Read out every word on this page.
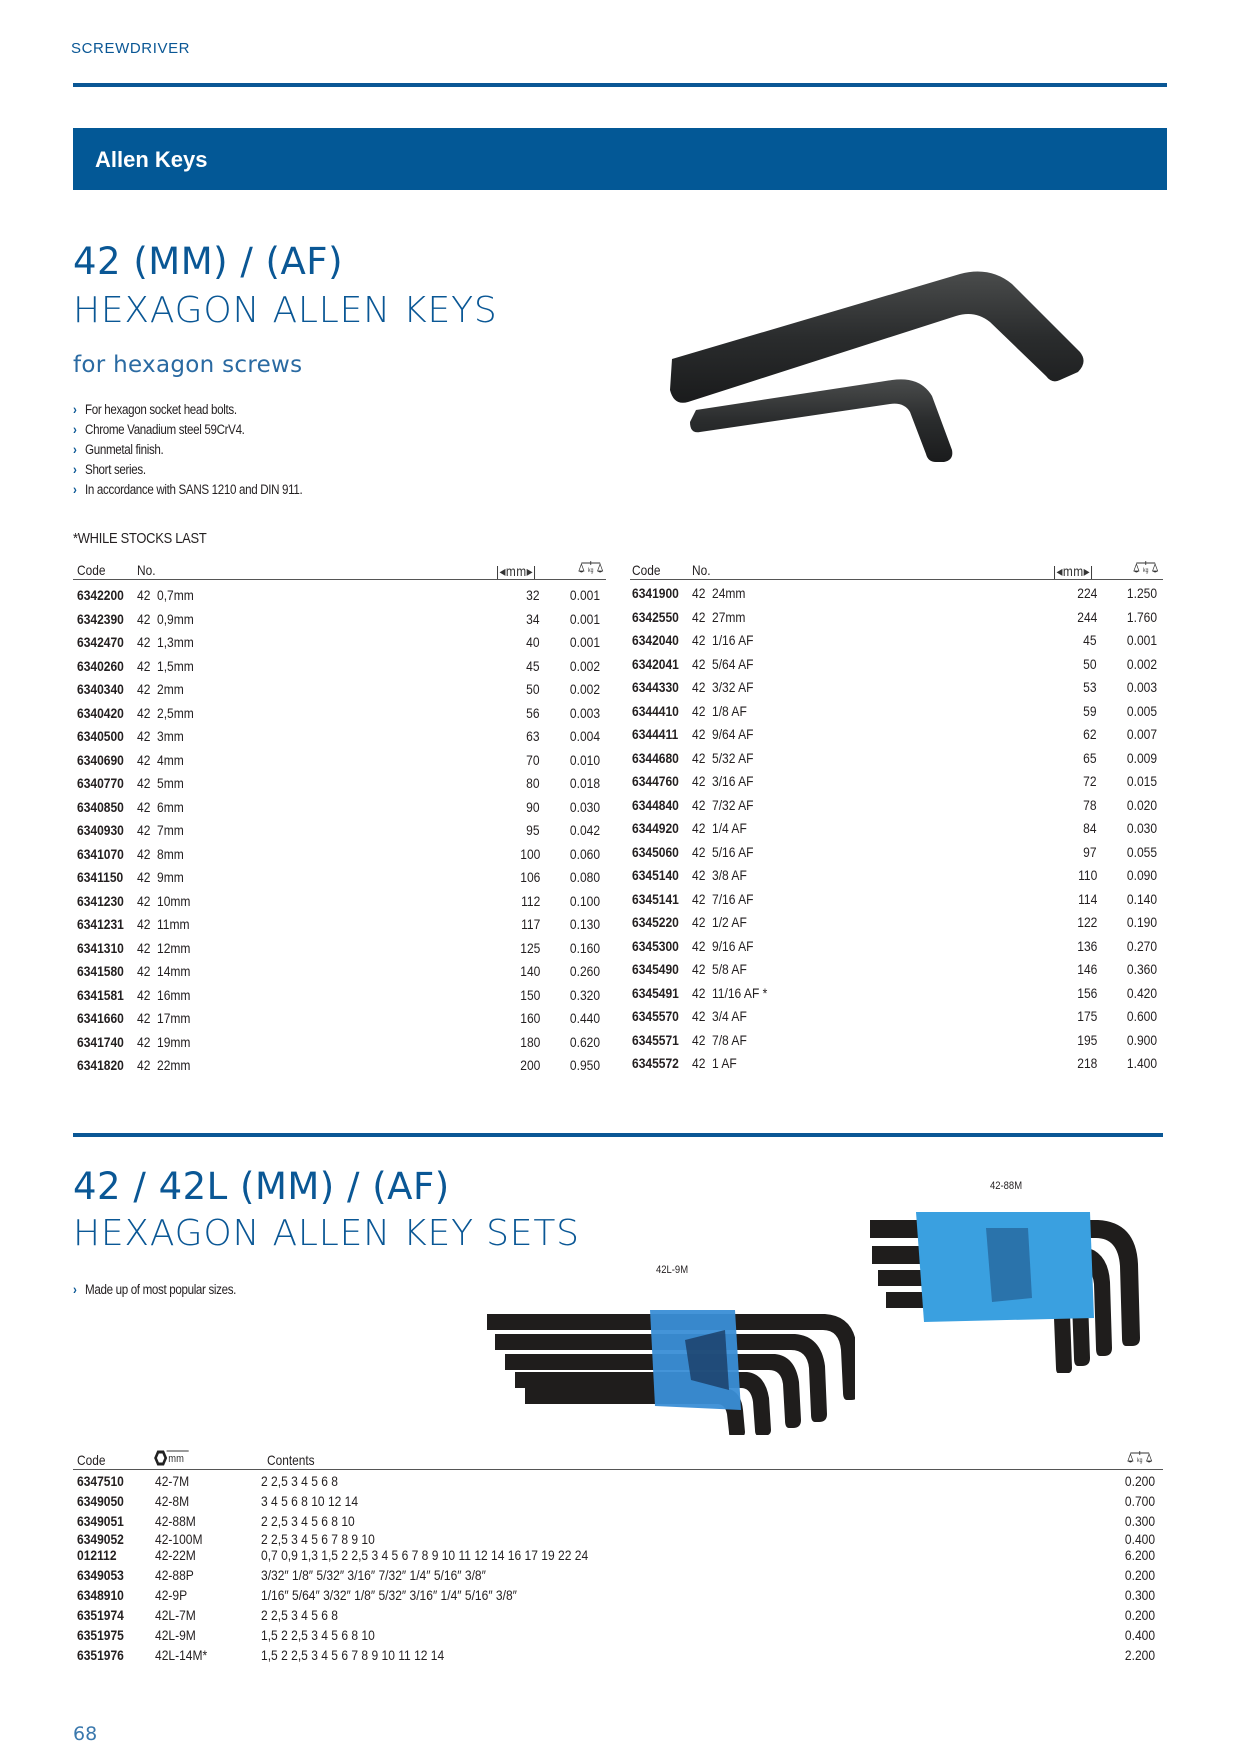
SCREWDRIVER
Allen Keys
42 (MM) / (AF)
HEXAGON ALLEN KEYS
for hexagon screws
› For hexagon socket head bolts.
› Chrome Vanadium steel 59CrV4.
› Gunmetal finish.
› Short series.
› In accordance with SANS 1210 and DIN 911.
*WHILE STOCKS LAST
Code No.	|◂mm▸|	kg
6342200 42 0,7mm	32 0.001
6342390 42 0,9mm	34 0.001
6342470 42 1,3mm	40 0.001
6340260 42 1,5mm	45 0.002
6340340 42 2mm	50 0.002
6340420 42 2,5mm	56 0.003
6340500 42 3mm	63 0.004
6340690 42 4mm	70 0.010
6340770 42 5mm	80 0.018
6340850 42 6mm	90 0.030
6340930 42 7mm	95 0.042
6341070 42 8mm	100 0.060
6341150 42 9mm	106 0.080
6341230 42 10mm	112 0.100
6341231 42 11mm	117 0.130
6341310 42 12mm	125 0.160
6341580 42 14mm	140 0.260
6341581 42 16mm	150 0.320
6341660 42 17mm	160 0.440
6341740 42 19mm	180 0.620
6341820 42 22mm	200 0.950
Code No.	|◂mm▸|	kg
6341900 42 24mm	224 1.250
6342550 42 27mm	244 1.760
6342040 42 1/16 AF	45 0.001
6342041 42 5/64 AF	50 0.002
6344330 42 3/32 AF	53 0.003
6344410 42 1/8 AF	59 0.005
6344411 42 9/64 AF	62 0.007
6344680 42 5/32 AF	65 0.009
6344760 42 3/16 AF	72 0.015
6344840 42 7/32 AF	78 0.020
6344920 42 1/4 AF	84 0.030
6345060 42 5/16 AF	97 0.055
6345140 42 3/8 AF	110 0.090
6345141 42 7/16 AF	114 0.140
6345220 42 1/2 AF	122 0.190
6345300 42 9/16 AF	136 0.270
6345490 42 5/8 AF	146 0.360
6345491 42 11/16 AF *	156 0.420
6345570 42 3/4 AF	175 0.600
6345571 42 7/8 AF	195 0.900
6345572 42 1 AF	218 1.400
42 / 42L (MM) / (AF)
HEXAGON ALLEN KEY SETS
› Made up of most popular sizes.
42-88M
42L-9M
Code	mm	Contents	kg
6347510 42-7M	2 2,5 3 4 5 6 8	0.200
6349050 42-8M	3 4 5 6 8 10 12 14	0.700
6349051 42-88M	2 2,5 3 4 5 6 8 10	0.300
6349052 42-100M	2 2,5 3 4 5 6 7 8 9 10	0.400
012112	42-22M	0,7 0,9 1,3 1,5 2 2,5 3 4 5 6 7 8 9 10 11 12 14 16 17 19 22 24	6.200
6349053 42-88P	3/32″ 1/8″ 5/32″ 3/16″ 7/32″ 1/4″ 5/16″ 3/8″	0.200
6348910 42-9P	1/16″ 5/64″ 3/32″ 1/8″ 5/32″ 3/16″ 1/4″ 5/16″ 3/8″	0.300
6351974 42L-7M	2 2,5 3 4 5 6 8	0.200
6351975 42L-9M	1,5 2 2,5 3 4 5 6 8 10	0.400
6351976 42L-14M*	1,5 2 2,5 3 4 5 6 7 8 9 10 11 12 14	2.200
68
